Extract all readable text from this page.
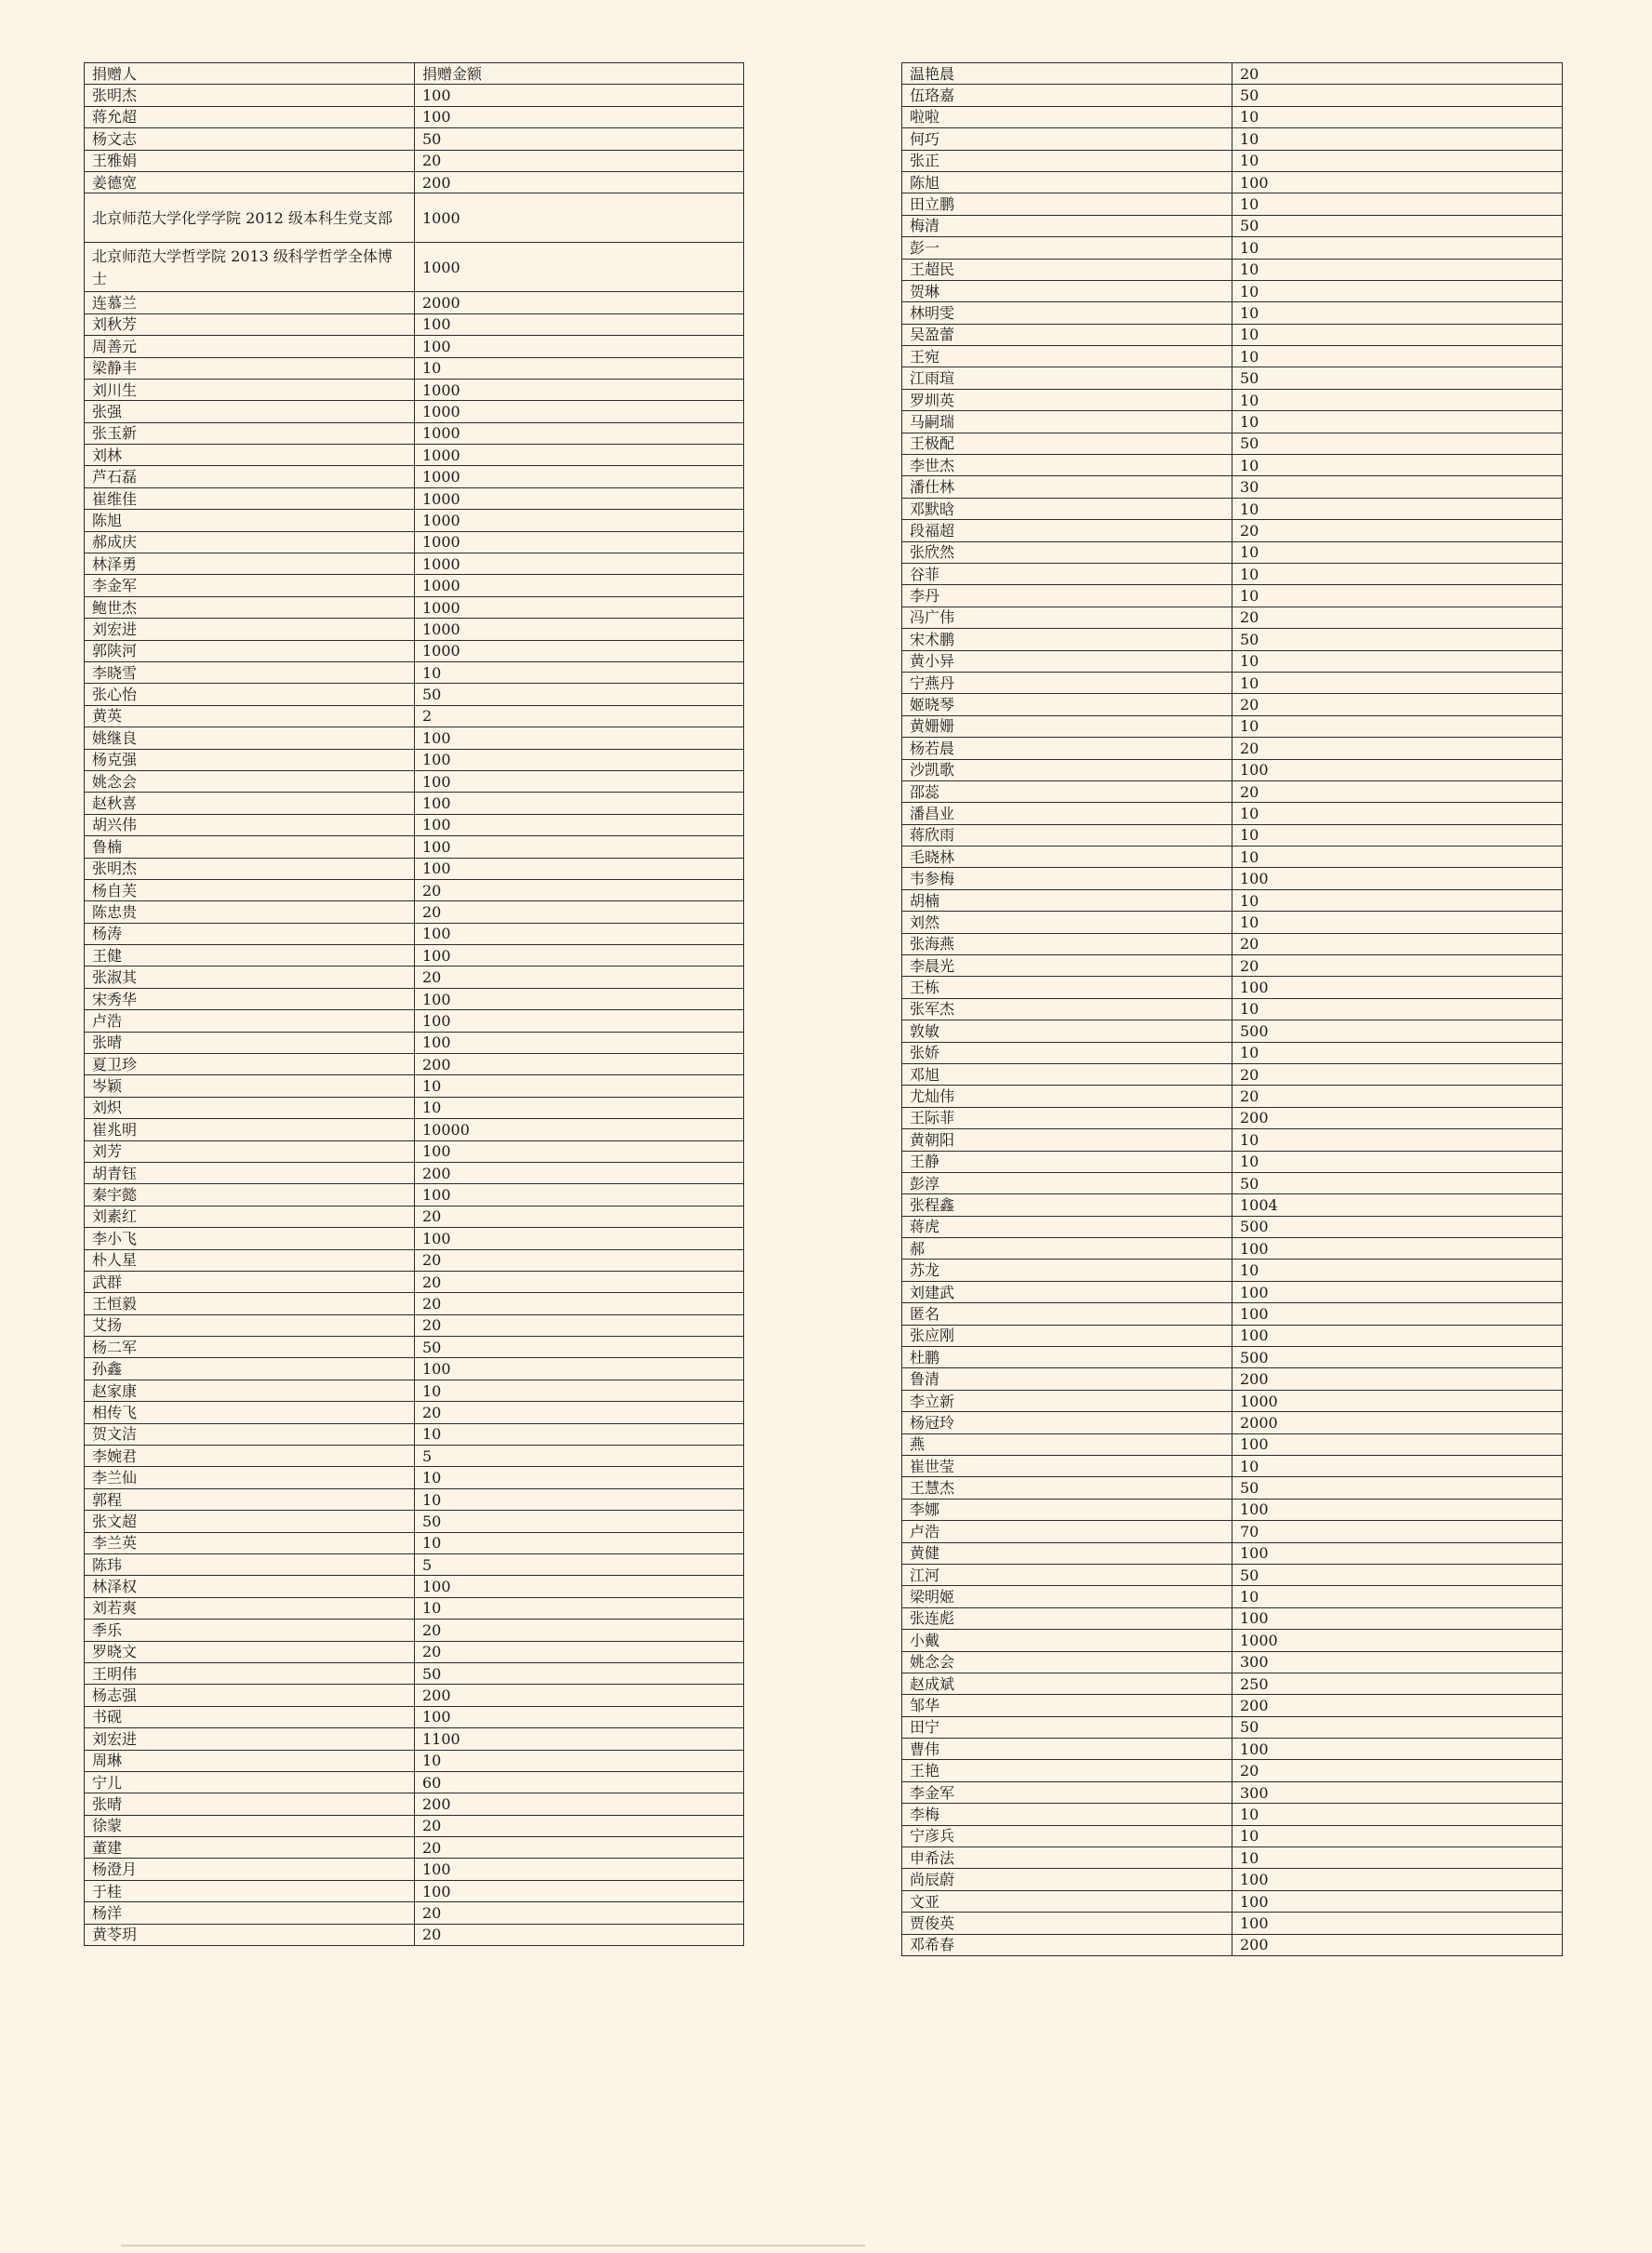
捐赠人	捐赠金额
张明杰	100
蒋允超	100
杨文志	50
王雅娟	20
姜德宽	200
北京师范大学化学学院 2012 级本科生党支部	1000
北京师范大学哲学院 2013 级科学哲学全体博士	1000
连慕兰	2000
刘秋芳	100
周善元	100
梁静丰	10
刘川生	1000
张强	1000
张玉新	1000
刘林	1000
芦石磊	1000
崔维佳	1000
陈旭	1000
郝成庆	1000
林泽勇	1000
李金军	1000
鲍世杰	1000
刘宏进	1000
郭陕河	1000
李晓雪	10
张心怡	50
黄英	2
姚继良	100
杨克强	100
姚念会	100
赵秋喜	100
胡兴伟	100
鲁楠	100
张明杰	100
杨自芙	20
陈忠贵	20
杨涛	100
王健	100
张淑其	20
宋秀华	100
卢浩	100
张晴	100
夏卫珍	200
岑颖	10
刘炽	10
崔兆明	10000
刘芳	100
胡青钰	200
秦宇懿	100
刘素红	20
李小飞	100
朴人星	20
武群	20
王恒毅	20
艾扬	20
杨二军	50
孙鑫	100
赵家康	10
相传飞	20
贺文洁	10
李婉君	5
李兰仙	10
郭程	10
张文超	50
李兰英	10
陈玮	5
林泽权	100
刘若爽	10
季乐	20
罗晓文	20
王明伟	50
杨志强	200
书砚	100
刘宏进	1100
周琳	10
宁儿	60
张晴	200
徐蒙	20
董建	20
杨澄月	100
于桂	100
杨洋	20
黄苓玥	20
温艳晨	20
伍珞嘉	50
啦啦	10
何巧	10
张正	10
陈旭	100
田立鹏	10
梅清	50
彭一	10
王超民	10
贺琳	10
林明雯	10
吴盈蕾	10
王宛	10
江雨瑄	50
罗圳英	10
马嗣瑞	10
王极配	50
李世杰	10
潘仕林	30
邓默晗	10
段福超	20
张欣然	10
谷菲	10
李丹	10
冯广伟	20
宋术鹏	50
黄小异	10
宁燕丹	10
姬晓琴	20
黄姗姗	10
杨若晨	20
沙凯歌	100
邵蕊	20
潘昌业	10
蒋欣雨	10
毛晓林	10
韦参梅	100
胡楠	10
刘然	10
张海燕	20
李晨光	20
王栋	100
张军杰	10
敦敏	500
张娇	10
邓旭	20
尤灿伟	20
王际菲	200
黄朝阳	10
王静	10
彭淳	50
张程鑫	1004
蒋虎	500
郝	100
苏龙	10
刘建武	100
匿名	100
张应刚	100
杜鹏	500
鲁清	200
李立新	1000
杨冠玲	2000
燕	100
崔世莹	10
王慧杰	50
李娜	100
卢浩	70
黄健	100
江河	50
梁明姬	10
张连彪	100
小戴	1000
姚念会	300
赵成斌	250
邹华	200
田宁	50
曹伟	100
王艳	20
李金军	300
李梅	10
宁彦兵	10
申希法	10
尚辰蔚	100
文亚	100
贾俊英	100
邓希春	200
